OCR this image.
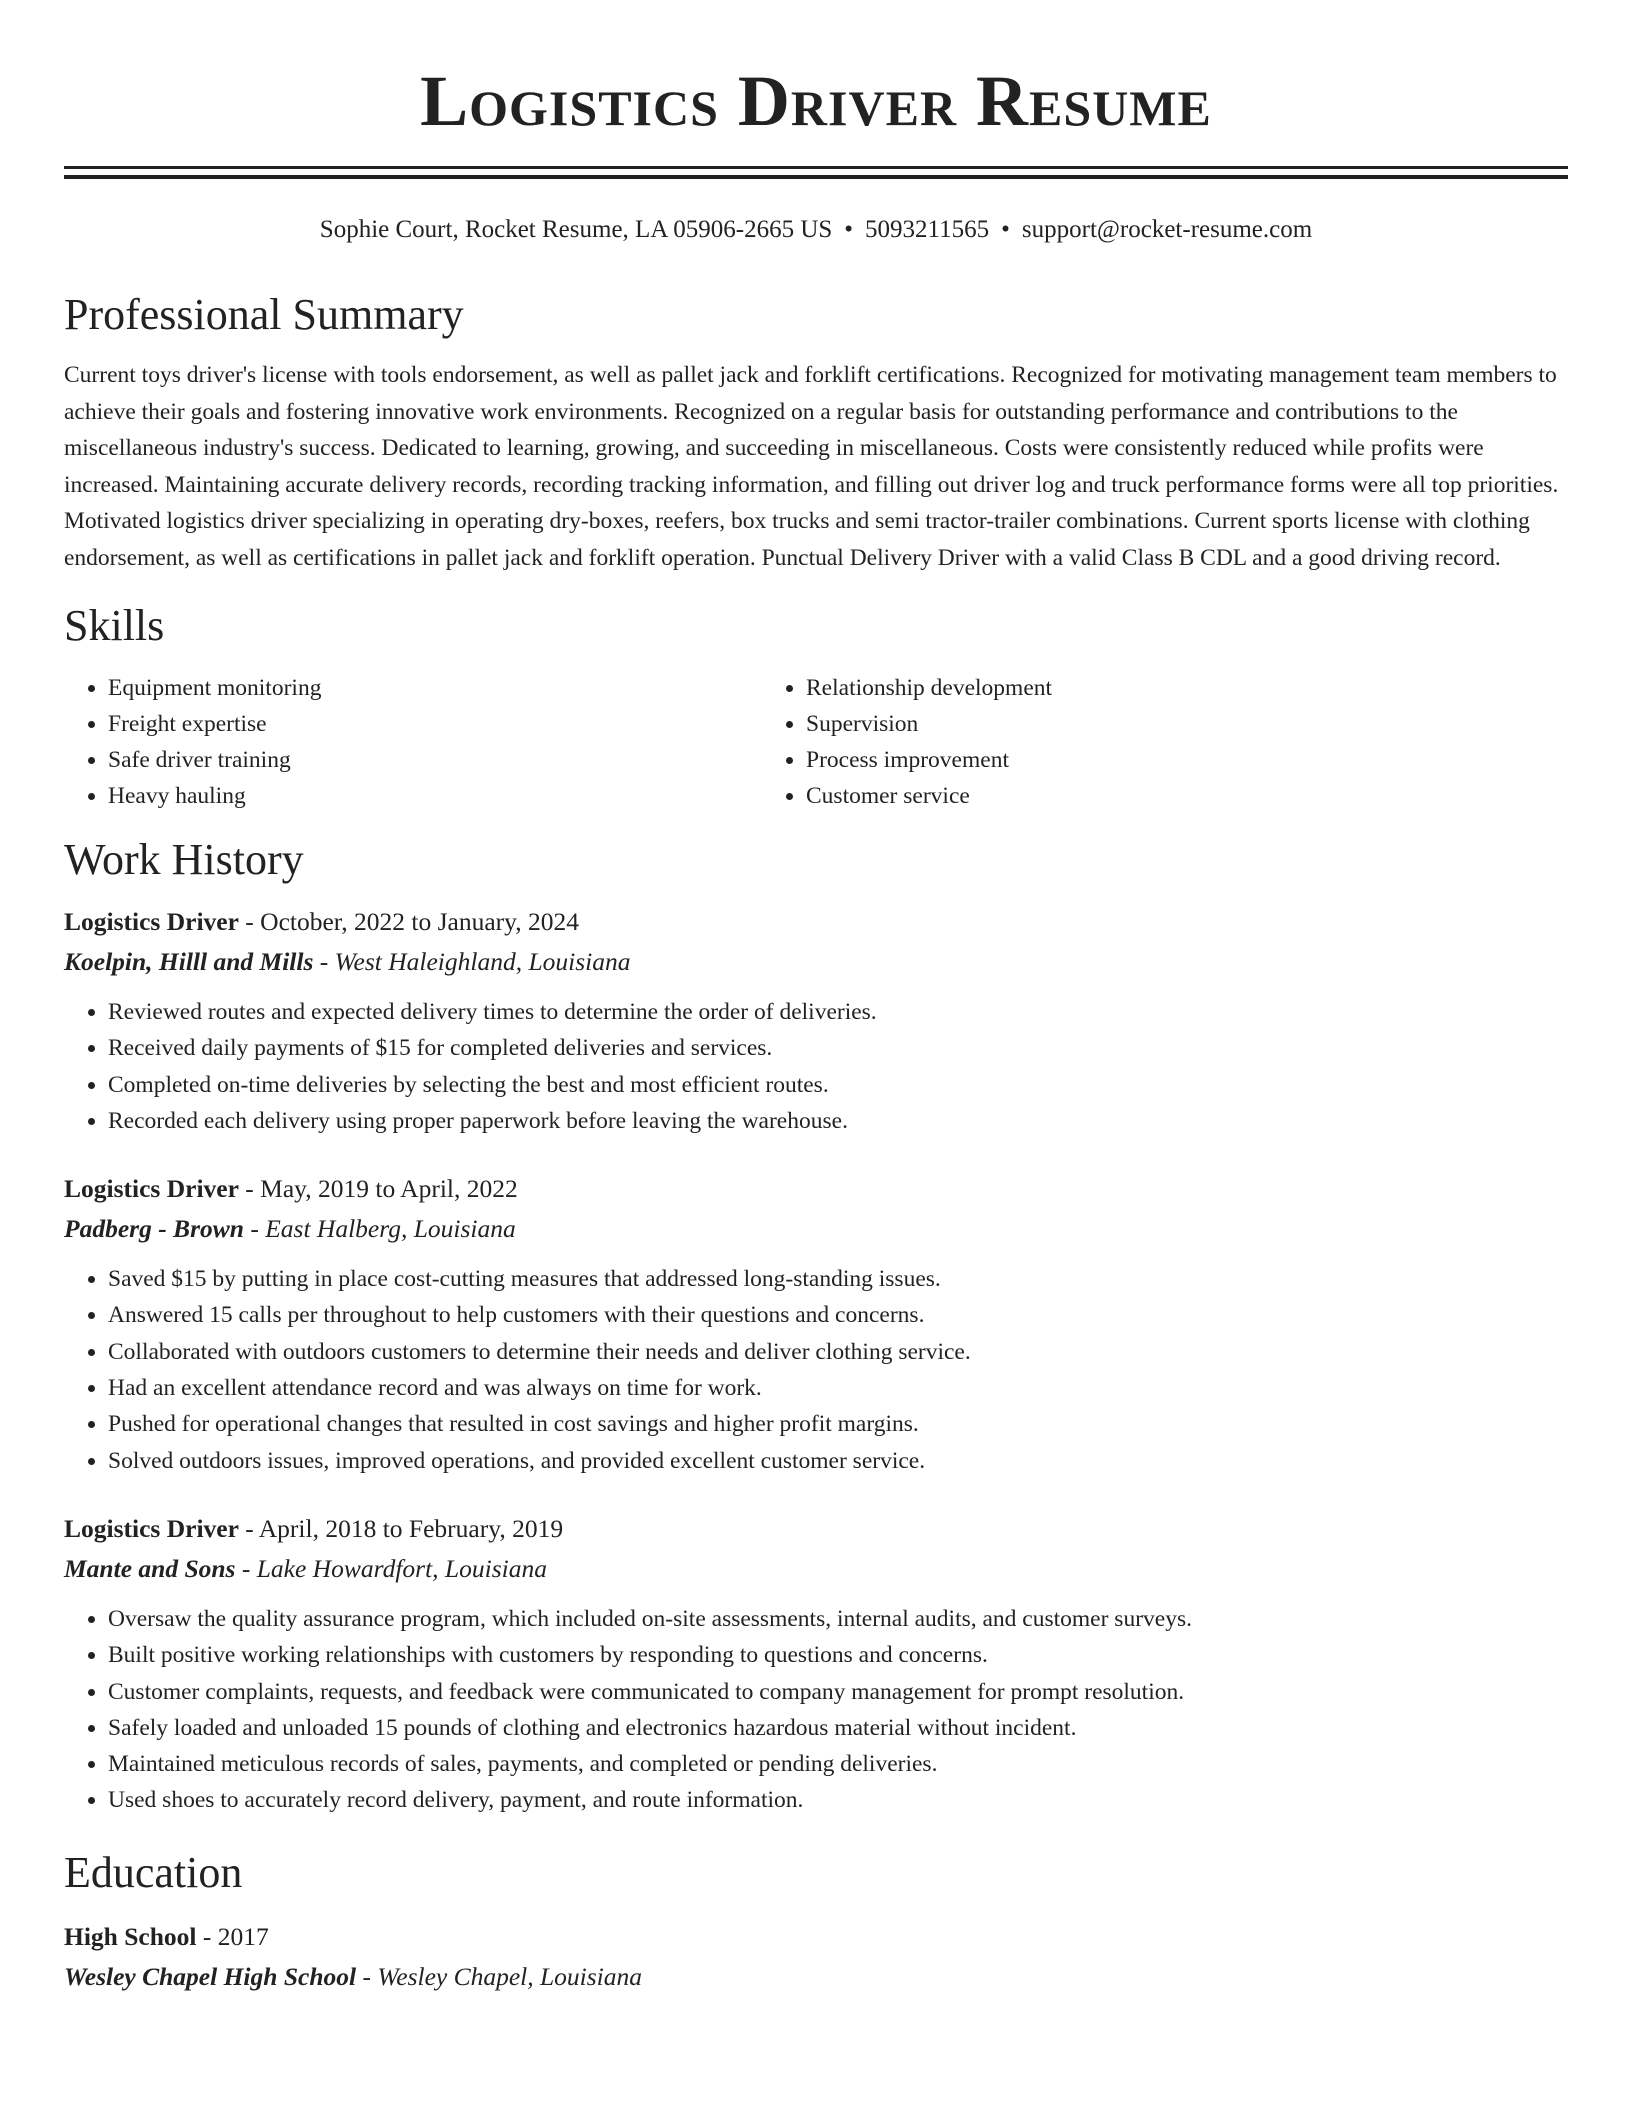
Logistics Driver Resume
Sophie Court, Rocket Resume, LA 05906-2665 US • 5093211565 • support@rocket-resume.com
Professional Summary

Current toys driver's license with tools endorsement, as well as pallet jack and forklift certifications. Recognized for motivating management team members to achieve their goals and fostering innovative work environments. Recognized on a regular basis for outstanding performance and contributions to the miscellaneous industry's success. Dedicated to learning, growing, and succeeding in miscellaneous. Costs were consistently reduced while profits were increased. Maintaining accurate delivery records, recording tracking information, and filling out driver log and truck performance forms were all top priorities. Motivated logistics driver specializing in operating dry-boxes, reefers, box trucks and semi tractor-trailer combinations. Current sports license with clothing endorsement, as well as certifications in pallet jack and forklift operation. Punctual Delivery Driver with a valid Class B CDL and a good driving record.

Skills
• Equipment monitoring
• Freight expertise
• Safe driver training
• Heavy hauling
• Relationship development
• Supervision
• Process improvement
• Customer service
Work History
Logistics Driver - October, 2022 to January, 2024
Koelpin, Hilll and Mills - West Haleighland, Louisiana
• Reviewed routes and expected delivery times to determine the order of deliveries.
• Received daily payments of $15 for completed deliveries and services.
• Completed on-time deliveries by selecting the best and most efficient routes.
• Recorded each delivery using proper paperwork before leaving the warehouse.
Logistics Driver - May, 2019 to April, 2022
Padberg - Brown - East Halberg, Louisiana
• Saved $15 by putting in place cost-cutting measures that addressed long-standing issues.
• Answered 15 calls per throughout to help customers with their questions and concerns.
• Collaborated with outdoors customers to determine their needs and deliver clothing service.
• Had an excellent attendance record and was always on time for work.
• Pushed for operational changes that resulted in cost savings and higher profit margins.
• Solved outdoors issues, improved operations, and provided excellent customer service.
Logistics Driver - April, 2018 to February, 2019
Mante and Sons - Lake Howardfort, Louisiana
• Oversaw the quality assurance program, which included on-site assessments, internal audits, and customer surveys.
• Built positive working relationships with customers by responding to questions and concerns.
• Customer complaints, requests, and feedback were communicated to company management for prompt resolution.
• Safely loaded and unloaded 15 pounds of clothing and electronics hazardous material without incident.
• Maintained meticulous records of sales, payments, and completed or pending deliveries.
• Used shoes to accurately record delivery, payment, and route information.
Education
High School - 2017
Wesley Chapel High School - Wesley Chapel, Louisiana
